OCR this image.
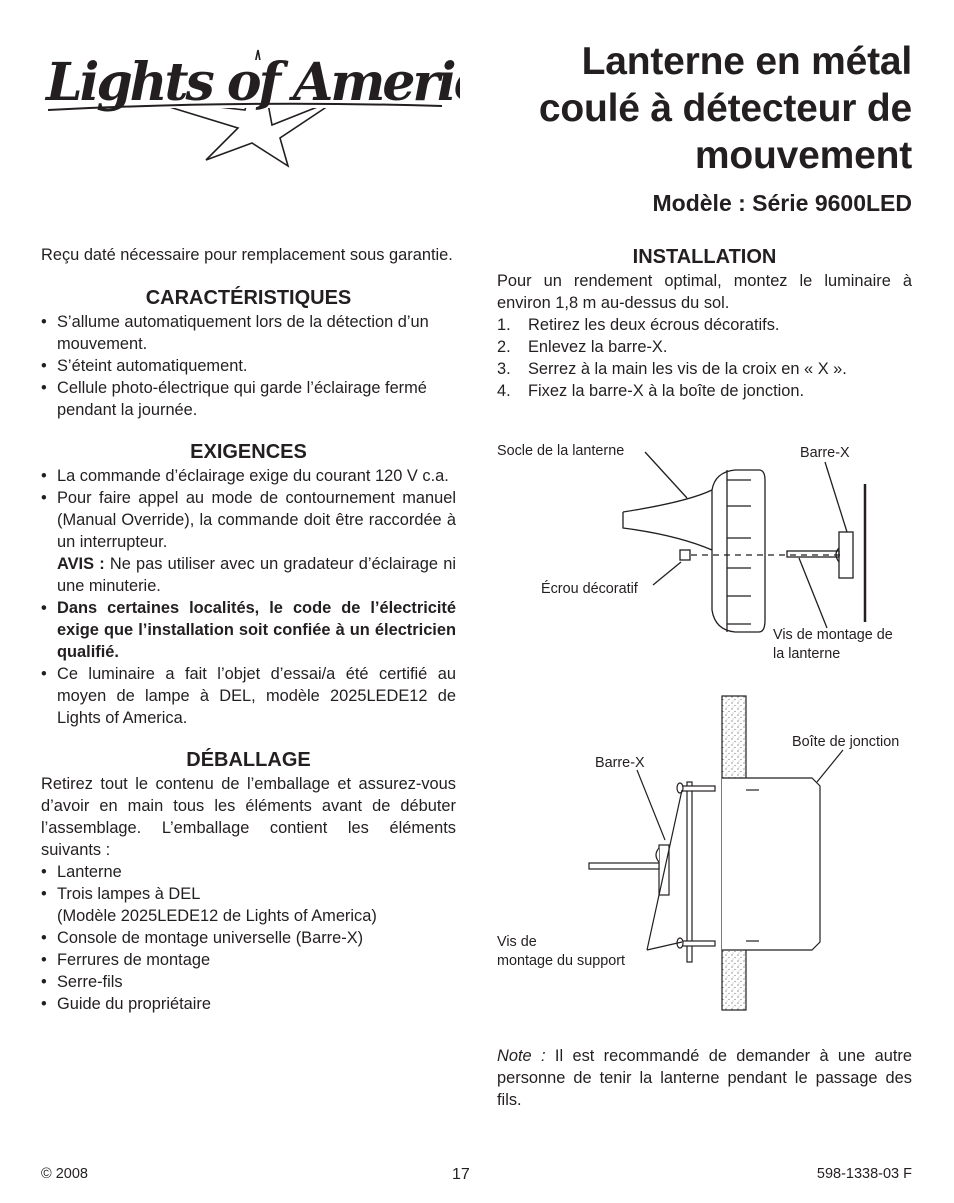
Lights of Ameri
®
Lanterne en métal
coulé à détecteur de
mouvement
Modèle : Série 9600LED

Reçu daté nécessaire pour remplacement sous garantie.

CARACTÉRISTIQUES
• S’allume automatiquement lors de la détection d’un mouvement.
• S’éteint automatiquement.
• Cellule photo-électrique qui garde l’éclairage fermé pendant la journée.
EXIGENCES
• La commande d’éclairage exige du courant 120 V c.a.
• Pour faire appel au mode de contournement manuel (Manual Override), la commande doit être raccordée à un interrupteur.
AVIS : Ne pas utiliser avec un gradateur d’éclairage ni une minuterie.
• Dans certaines localités, le code de l’électricité exige que l’installation soit confiée à un électricien qualifié.
• Ce luminaire a fait l’objet d’essai/a été certifié au moyen de lampe à DEL, modèle 2025LEDE12 de Lights of America.
DÉBALLAGE

Retirez tout le contenu de l’emballage et assurez-vous d’avoir en main tous les éléments avant de débuter l’assemblage. L’emballage contient les éléments suivants :

• Lanterne
• Trois lampes à DEL
(Modèle 2025LEDE12 de Lights of America)
• Console de montage universelle (Barre-X)
• Ferrures de montage
• Serre-fils
• Guide du propriétaire
INSTALLATION

Pour un rendement optimal, montez le luminaire à environ 1,8 m au-dessus du sol.

1. Retirez les deux écrous décoratifs.
2. Enlevez la barre-X.
3. Serrez à la main les vis de la croix en « X ».
4. Fixez la barre-X à la boîte de jonction.
Socle de la lanterne	Barre-X
Écrou décoratif
Vis de montage de
la lanterne
Boîte de jonction
Barre-X
Vis de
montage du support
Note : Il est recommandé de demander à une autre personne de tenir la lanterne pendant le passage des fils.
© 2008	17	598-1338-03 F
